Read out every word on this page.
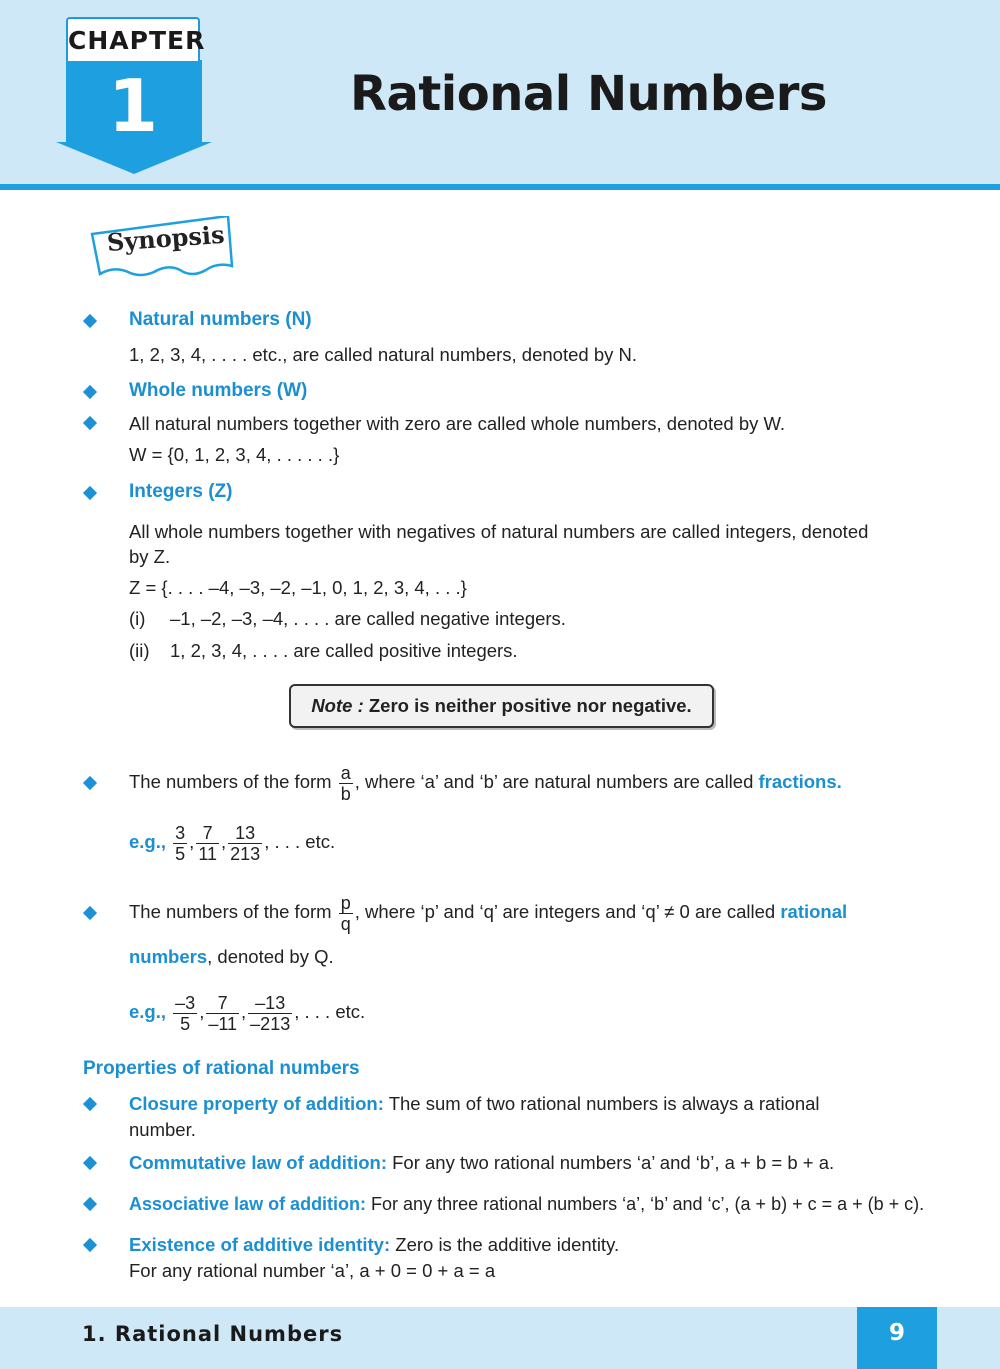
CHAPTER
1	Rational Numbers
Synopsis
Natural numbers (N)
1, 2, 3, 4, . . . . etc., are called natural numbers, denoted by N.
Whole numbers (W)
All natural numbers together with zero are called whole numbers, denoted by W.
W = {0, 1, 2, 3, 4, . . . . . .}
Integers (Z)
All whole numbers together with negatives of natural numbers are called integers, denoted
by Z.
Z = {. . . . –4, –3, –2, –1, 0, 1, 2, 3, 4, . . .}
(i) –1, –2, –3, –4, . . . . are called negative integers.
(ii) 1, 2, 3, 4, . . . . are called positive integers.
Note : Zero is neither positive nor negative.
The numbers of the form $\frac{a}{b}$ , where ‘a’ and ‘b’ are natural numbers are called fractions.
e.g., $\frac{3}{5}$ , $\frac{7}{11}$ , $\frac{13}{213}$ , . . . etc.
The numbers of the form $\frac{p}{q}$ , where ‘p’ and ‘q’ are integers and ‘q’ ≠ 0 are called rational
numbers, denoted by Q.
e.g., $\frac{-3}{5}$ , $\frac{7}{-11}$ , $\frac{-13}{-213}$ , . . . etc.
Properties of rational numbers
Closure property of addition: The sum of two rational numbers is always a rational
number.
Commutative law of addition: For any two rational numbers ‘a’ and ‘b’, a + b = b + a.
Associative law of addition: For any three rational numbers ‘a’, ‘b’ and ‘c’, (a + b) + c = a + (b + c).
Existence of additive identity: Zero is the additive identity.
For any rational number ‘a’, a + 0 = 0 + a = a
1. Rational Numbers	9
